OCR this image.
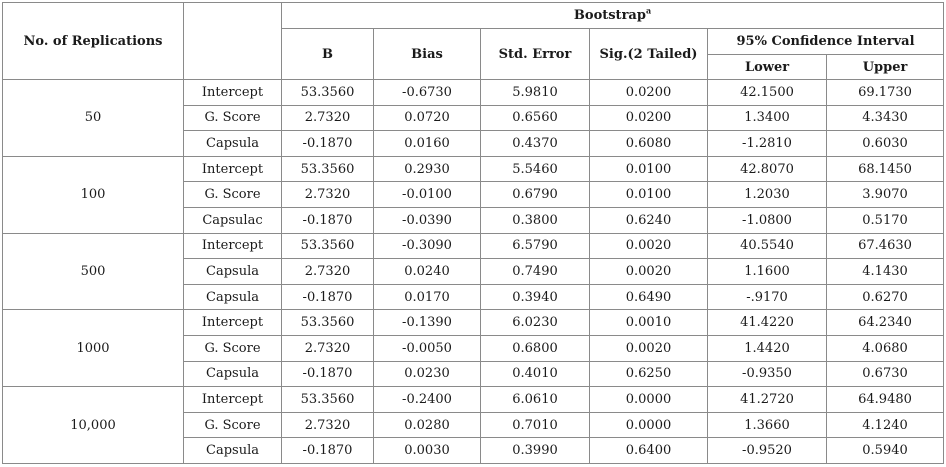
No. of Replications		Bootstrap$^a$
		B	Bias	Std. Error	Sig.(2 Tailed)	95% Confidence Interval	
						Lower	Upper
50	Intercept	53.3560	-0.6730	5.9810	0.0200	42.1500	69.1730
	G. Score	2.7320	0.0720	0.6560	0.0200	1.3400	4.3430
	Capsula	-0.1870	0.0160	0.4370	0.6080	-1.2810	0.6030
100	Intercept	53.3560	0.2930	5.5460	0.0100	42.8070	68.1450
	G. Score	2.7320	-0.0100	0.6790	0.0100	1.2030	3.9070
	Capsulac	-0.1870	-0.0390	0.3800	0.6240	-1.0800	0.5170
500	Intercept	53.3560	-0.3090	6.5790	0.0020	40.5540	67.4630
	Capsula	2.7320	0.0240	0.7490	0.0020	1.1600	4.1430
	Capsula	-0.1870	0.0170	0.3940	0.6490	-.9170	0.6270
1000	Intercept	53.3560	-0.1390	6.0230	0.0010	41.4220	64.2340
	G. Score	2.7320	-0.0050	0.6800	0.0020	1.4420	4.0680
	Capsula	-0.1870	0.0230	0.4010	0.6250	-0.9350	0.6730
10,000	Intercept	53.3560	-0.2400	6.0610	0.0000	41.2720	64.9480
	G. Score	2.7320	0.0280	0.7010	0.0000	1.3660	4.1240
	Capsula	-0.1870	0.0030	0.3990	0.6400	-0.9520	0.5940
